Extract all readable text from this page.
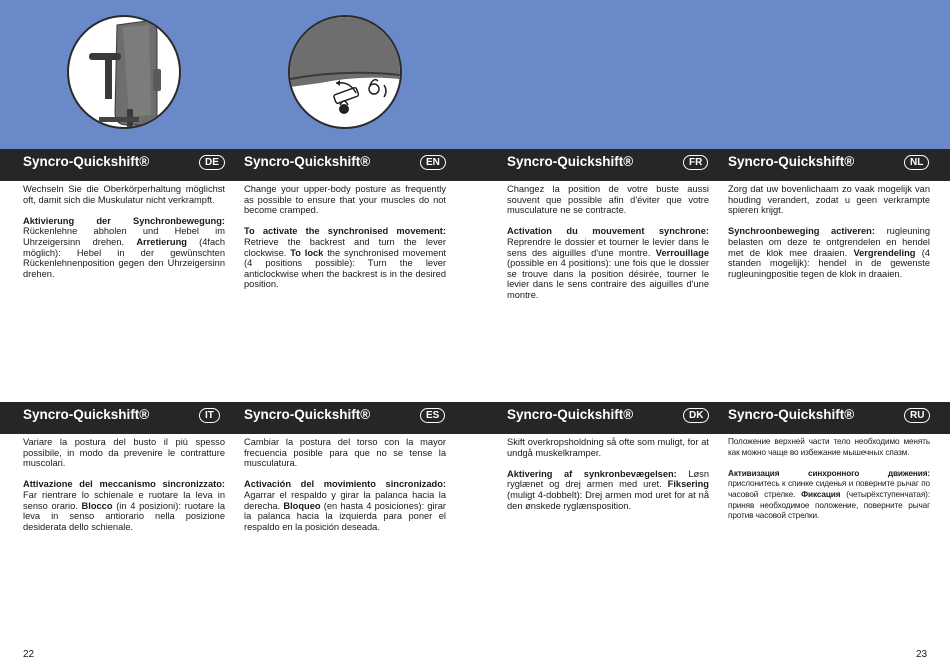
Syncro-Quickshift®	DE	Syncro-Quickshift®	EN	Syncro-Quickshift®	FR	Syncro-Quickshift®	NL
Syncro-Quickshift®	IT	Syncro-Quickshift®	ES	Syncro-Quickshift®	DK	Syncro-Quickshift®	RU

Wechseln Sie die Oberkörperhaltung möglichst oft, damit sich die Muskulatur nicht verkrampft.

Aktivierung der Synchronbewegung: Rückenlehne abholen und Hebel im Uhrzeigersinn drehen. Arretierung (4fach möglich): Hebel in der gewünschten Rückenlehnenposition gegen den Uhrzeigersinn drehen.

Change your upper-body posture as frequently as possible to ensure that your muscles do not become cramped.

To activate the synchronised movement: Retrieve the backrest and turn the lever clockwise. To lock the synchronised movement (4 positions possible): Turn the lever anticlockwise when the backrest is in the desired position.

Changez la position de votre buste aussi souvent que possible afin d'éviter que votre musculature ne se contracte.

Activation du mouvement synchrone: Reprendre le dossier et tourner le levier dans le sens des aiguilles d'une montre. Verrouillage (possible en 4 positions): une fois que le dossier se trouve dans la position désirée, tourner le levier dans le sens contraire des aiguilles d'une montre.

Zorg dat uw bovenlichaam zo vaak mogelijk van houding verandert, zodat u geen verkrampte spieren krijgt.

Synchroonbeweging activeren: rugleuning belasten om deze te ontgrendelen en hendel met de klok mee draaien. Vergrendeling (4 standen mogelijk): hendel in de gewenste rugleuningpositie tegen de klok in draaien.

Variare la postura del busto il più spesso possibile, in modo da prevenire le contratture muscolari.

Attivazione del meccanismo sincronizzato: Far rientrare lo schienale e ruotare la leva in senso orario. Blocco (in 4 posizioni): ruotare la leva in senso antiorario nella posizione desiderata dello schienale.

Cambiar la postura del torso con la mayor frecuencia posible para que no se tense la musculatura.

Activación del movimiento sincronizado: Agarrar el respaldo y girar la palanca hacia la derecha. Bloqueo (en hasta 4 posiciones): girar la palanca hacia la izquierda para poner el respaldo en la posición deseada.

Skift overkropsholdning så ofte som muligt, for at undgå muskelkramper.

Aktivering af synkronbevægelsen: Løsn ryglænet og drej armen med uret. Fiksering (muligt 4-dobbelt): Drej armen mod uret for at nå den ønskede ryglænsposition.

Положение верхней части тело необходимо менять как можно чаще во избежание мышечных спазм.

Активизация синхронного движения: прислонитесь к спинке сиденья и поверните рычаг по часовой стрелке. Фиксация (четырёхступенчатая): приняв необходимое положение, поверните рычаг против часовой стрелки.

22	23
